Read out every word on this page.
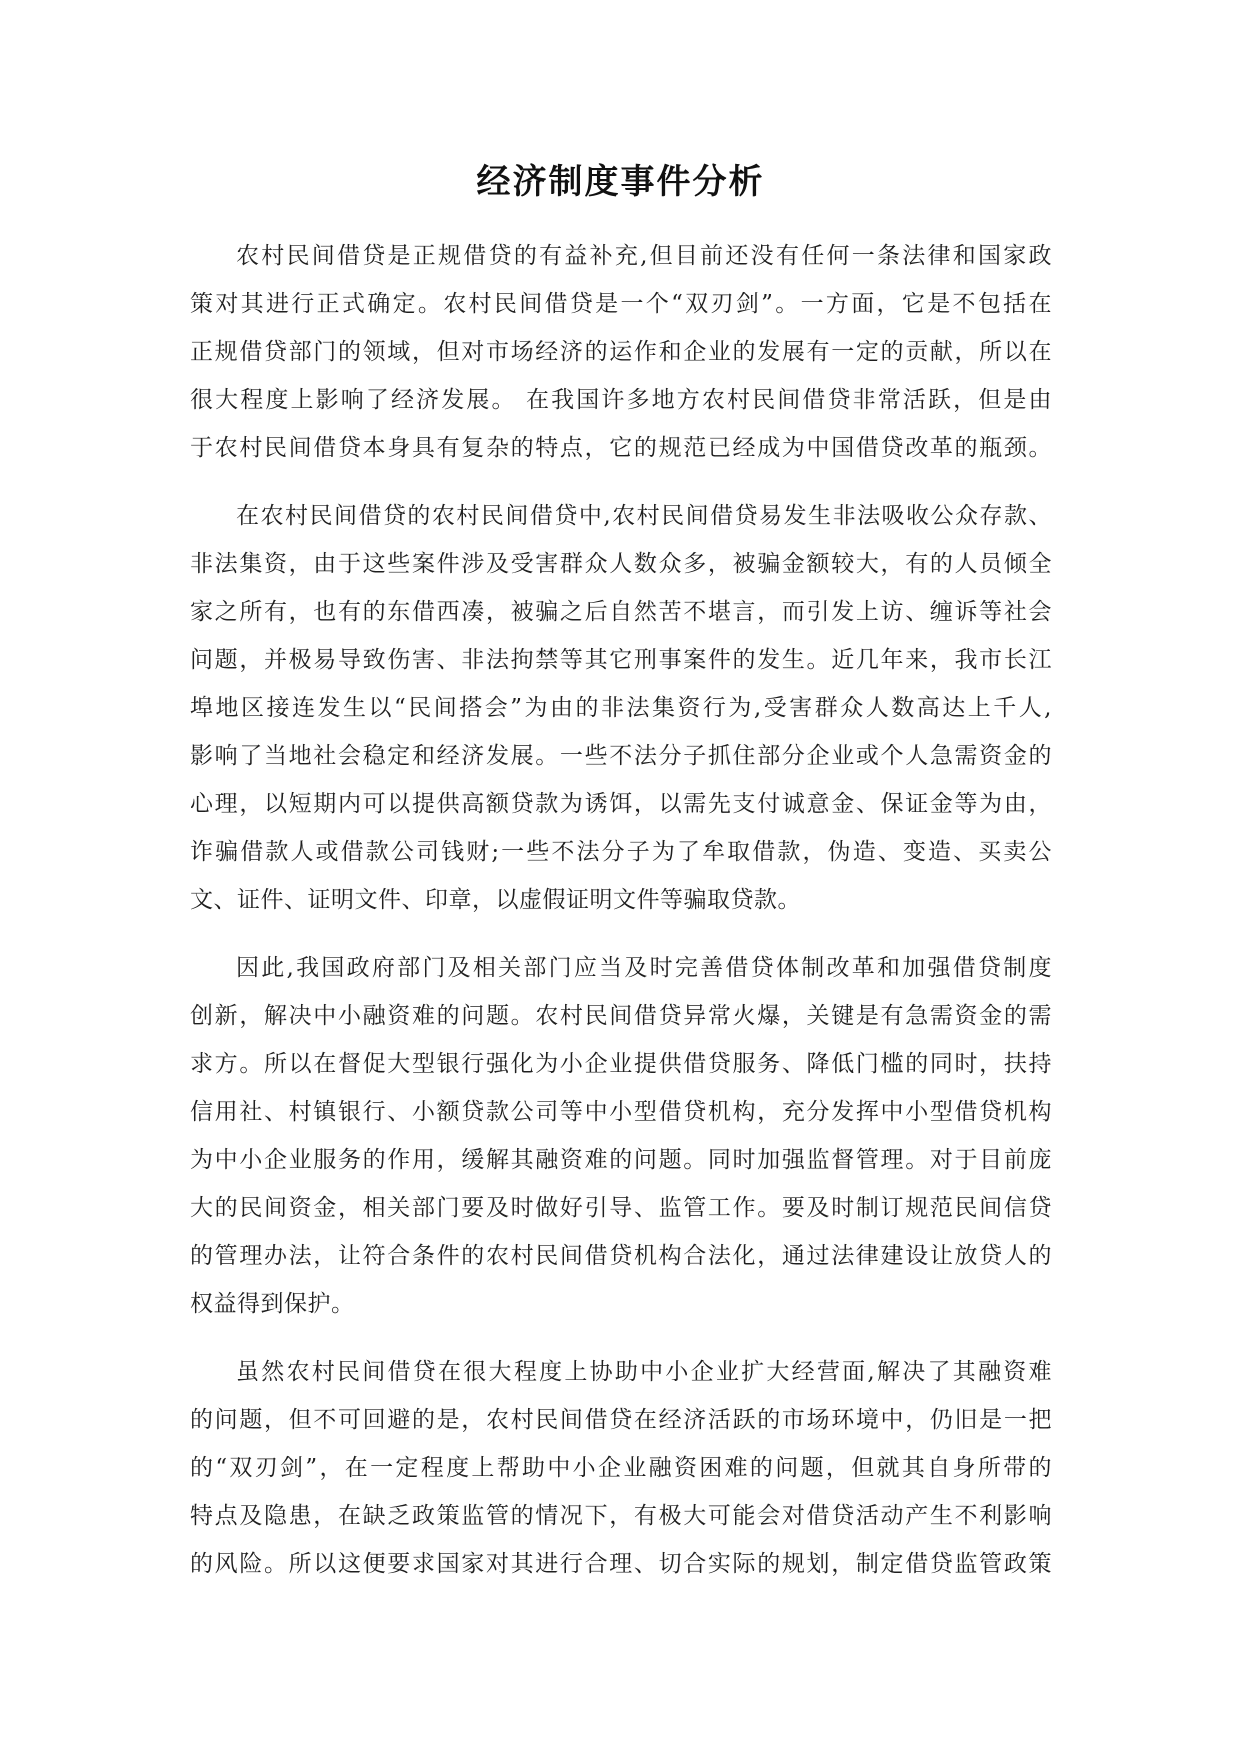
经济制度事件分析
农村民间借贷是正规借贷的有益补充,但目前还没有任何一条法律和国家政
策对其进行正式确定。农村民间借贷是一个“双刃剑”。一方面，它是不包括在
正规借贷部门的领域，但对市场经济的运作和企业的发展有一定的贡献，所以在
很大程度上影响了经济发展。 在我国许多地方农村民间借贷非常活跃，但是由
于农村民间借贷本身具有复杂的特点，它的规范已经成为中国借贷改革的瓶颈。
在农村民间借贷的农村民间借贷中,农村民间借贷易发生非法吸收公众存款、
非法集资，由于这些案件涉及受害群众人数众多，被骗金额较大，有的人员倾全
家之所有，也有的东借西凑，被骗之后自然苦不堪言，而引发上访、缠诉等社会
问题，并极易导致伤害、非法拘禁等其它刑事案件的发生。近几年来，我市长江
埠地区接连发生以“民间搭会”为由的非法集资行为,受害群众人数高达上千人,
影响了当地社会稳定和经济发展。一些不法分子抓住部分企业或个人急需资金的
心理，以短期内可以提供高额贷款为诱饵，以需先支付诚意金、保证金等为由，
诈骗借款人或借款公司钱财;一些不法分子为了牟取借款，伪造、变造、买卖公
文、证件、证明文件、印章，以虚假证明文件等骗取贷款。
因此,我国政府部门及相关部门应当及时完善借贷体制改革和加强借贷制度
创新，解决中小融资难的问题。农村民间借贷异常火爆，关键是有急需资金的需
求方。所以在督促大型银行强化为小企业提供借贷服务、降低门槛的同时，扶持
信用社、村镇银行、小额贷款公司等中小型借贷机构，充分发挥中小型借贷机构
为中小企业服务的作用，缓解其融资难的问题。同时加强监督管理。对于目前庞
大的民间资金，相关部门要及时做好引导、监管工作。要及时制订规范民间信贷
的管理办法，让符合条件的农村民间借贷机构合法化，通过法律建设让放贷人的
权益得到保护。
虽然农村民间借贷在很大程度上协助中小企业扩大经营面,解决了其融资难
的问题，但不可回避的是，农村民间借贷在经济活跃的市场环境中，仍旧是一把
的“双刃剑”，在一定程度上帮助中小企业融资困难的问题，但就其自身所带的
特点及隐患，在缺乏政策监管的情况下，有极大可能会对借贷活动产生不利影响
的风险。所以这便要求国家对其进行合理、切合实际的规划，制定借贷监管政策
